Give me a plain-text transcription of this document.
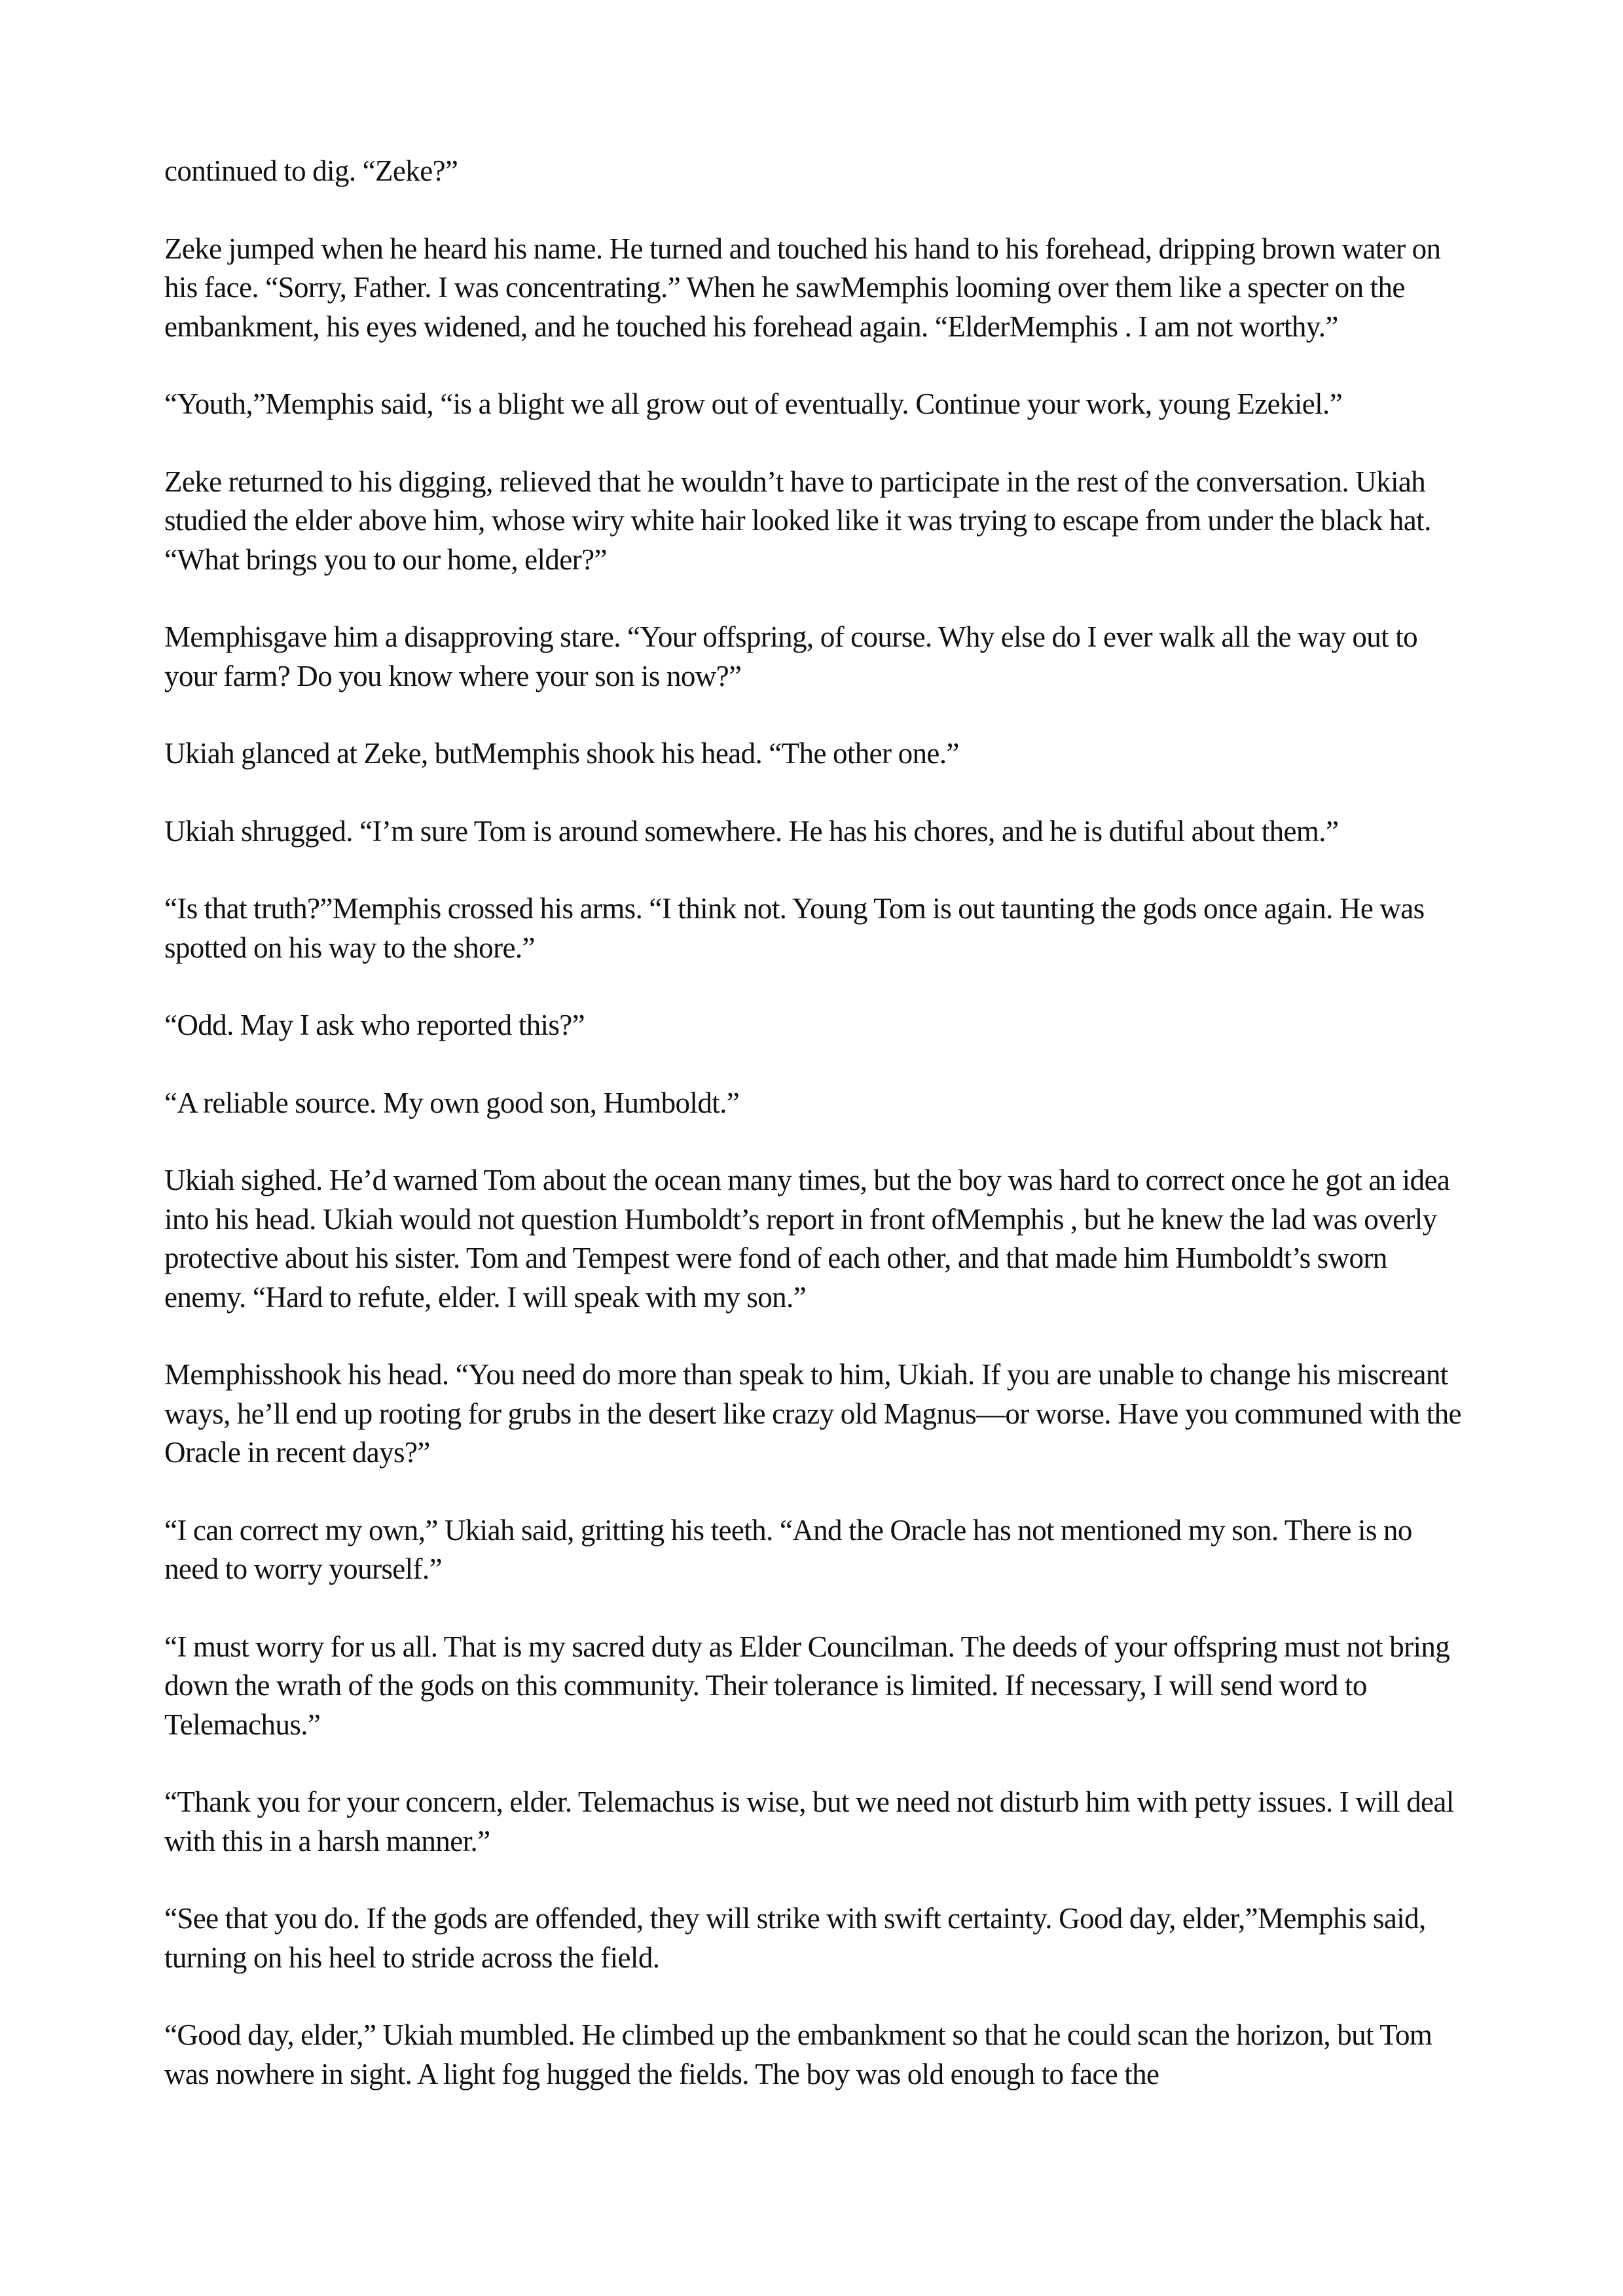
continued to dig. “Zeke?”

Zeke jumped when he heard his name. He turned and touched his hand to his forehead, dripping brown water on his face. “Sorry, Father. I was concentrating.” When he sawMemphis looming over them like a specter on the embankment, his eyes widened, and he touched his forehead again. “ElderMemphis . I am not worthy.”

“Youth,”Memphis said, “is a blight we all grow out of eventually. Continue your work, young Ezekiel.”

Zeke returned to his digging, relieved that he wouldn’t have to participate in the rest of the conversation. Ukiah studied the elder above him, whose wiry white hair looked like it was trying to escape from under the black hat. “What brings you to our home, elder?”

Memphisgave him a disapproving stare. “Your offspring, of course. Why else do I ever walk all the way out to your farm? Do you know where your son is now?”

Ukiah glanced at Zeke, butMemphis shook his head. “The other one.”

Ukiah shrugged. “I’m sure Tom is around somewhere. He has his chores, and he is dutiful about them.”

“Is that truth?”Memphis crossed his arms. “I think not. Young Tom is out taunting the gods once again. He was spotted on his way to the shore.”

“Odd. May I ask who reported this?”

“A reliable source. My own good son, Humboldt.”

Ukiah sighed. He’d warned Tom about the ocean many times, but the boy was hard to correct once he got an idea into his head. Ukiah would not question Humboldt’s report in front ofMemphis , but he knew the lad was overly protective about his sister. Tom and Tempest were fond of each other, and that made him Humboldt’s sworn enemy. “Hard to refute, elder. I will speak with my son.”

Memphisshook his head. “You need do more than speak to him, Ukiah. If you are unable to change his miscreant ways, he’ll end up rooting for grubs in the desert like crazy old Magnus—or worse. Have you communed with the Oracle in recent days?”

“I can correct my own,” Ukiah said, gritting his teeth. “And the Oracle has not mentioned my son. There is no need to worry yourself.”

“I must worry for us all. That is my sacred duty as Elder Councilman. The deeds of your offspring must not bring down the wrath of the gods on this community. Their tolerance is limited. If necessary, I will send word to Telemachus.”

“Thank you for your concern, elder. Telemachus is wise, but we need not disturb him with petty issues. I will deal with this in a harsh manner.”

“See that you do. If the gods are offended, they will strike with swift certainty. Good day, elder,”Memphis said, turning on his heel to stride across the field.

“Good day, elder,” Ukiah mumbled. He climbed up the embankment so that he could scan the horizon, but Tom was nowhere in sight. A light fog hugged the fields. The boy was old enough to face the
